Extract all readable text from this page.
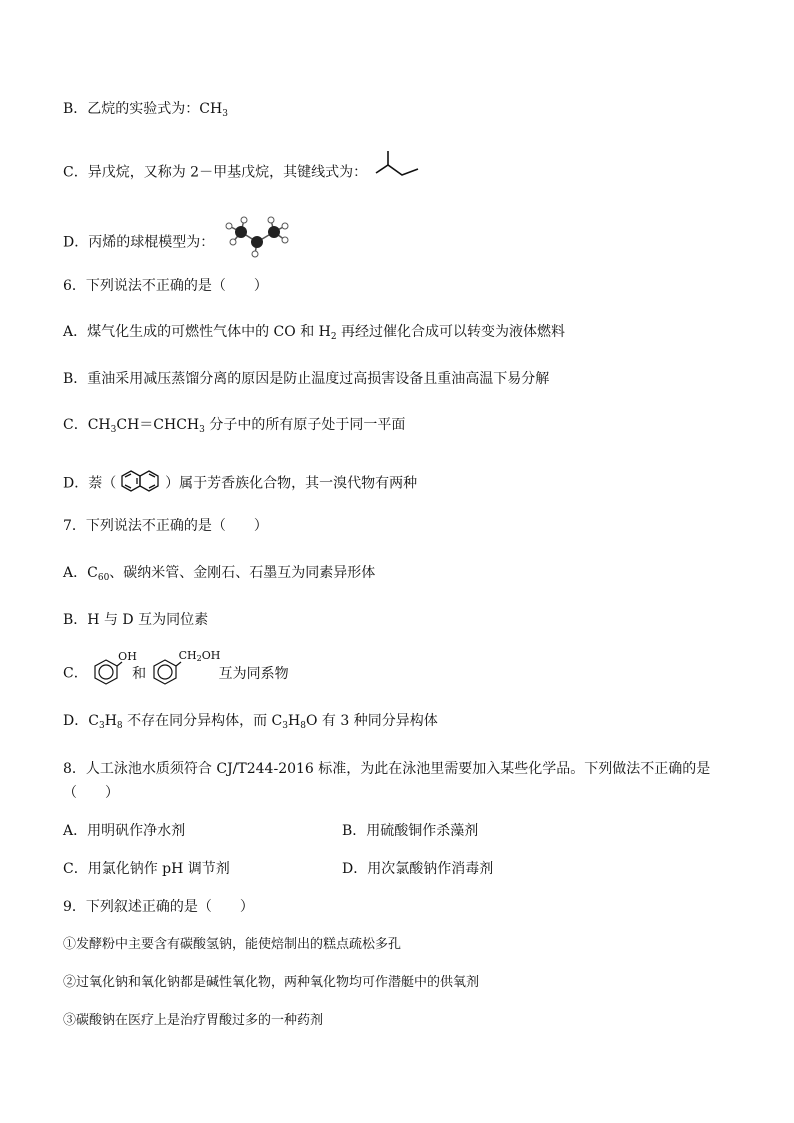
B．乙烷的实验式为：$CH_3$
C．异戊烷，又称为 2－甲基戊烷，其键线式为：
D．丙烯的球棍模型为：
6．下列说法不正确的是（　　）
A．煤气化生成的可燃性气体中的 CO 和 $H_2$ 再经过催化合成可以转变为液体燃料
B．重油采用减压蒸馏分离的原因是防止温度过高损害设备且重油高温下易分解
C．$CH_3CH=CHCH_3$ 分子中的所有原子处于同一平面
D．萘（	）属于芳香族化合物，其一溴代物有两种
7．下列说法不正确的是（　　）
A．$C_{60}$、碳纳米管、金刚石、石墨互为同素异形体
B．H 与 D 互为同位素
C．
OH
和
CH2OH
互为同系物
D．$C_3H_8$ 不存在同分异构体，而 $C_3H_8O$ 有 3 种同分异构体
8．人工泳池水质须符合 CJ/T244-2016 标准，为此在泳池里需要加入某些化学品。下列做法不正确的是
（　　）
A．用明矾作净水剂	B．用硫酸铜作杀藻剂
C．用氯化钠作 pH 调节剂	D．用次氯酸钠作消毒剂
9．下列叙述正确的是（　　）
①发酵粉中主要含有碳酸氢钠，能使焙制出的糕点疏松多孔
②过氧化钠和氧化钠都是碱性氧化物，两种氧化物均可作潜艇中的供氧剂
③碳酸钠在医疗上是治疗胃酸过多的一种药剂
